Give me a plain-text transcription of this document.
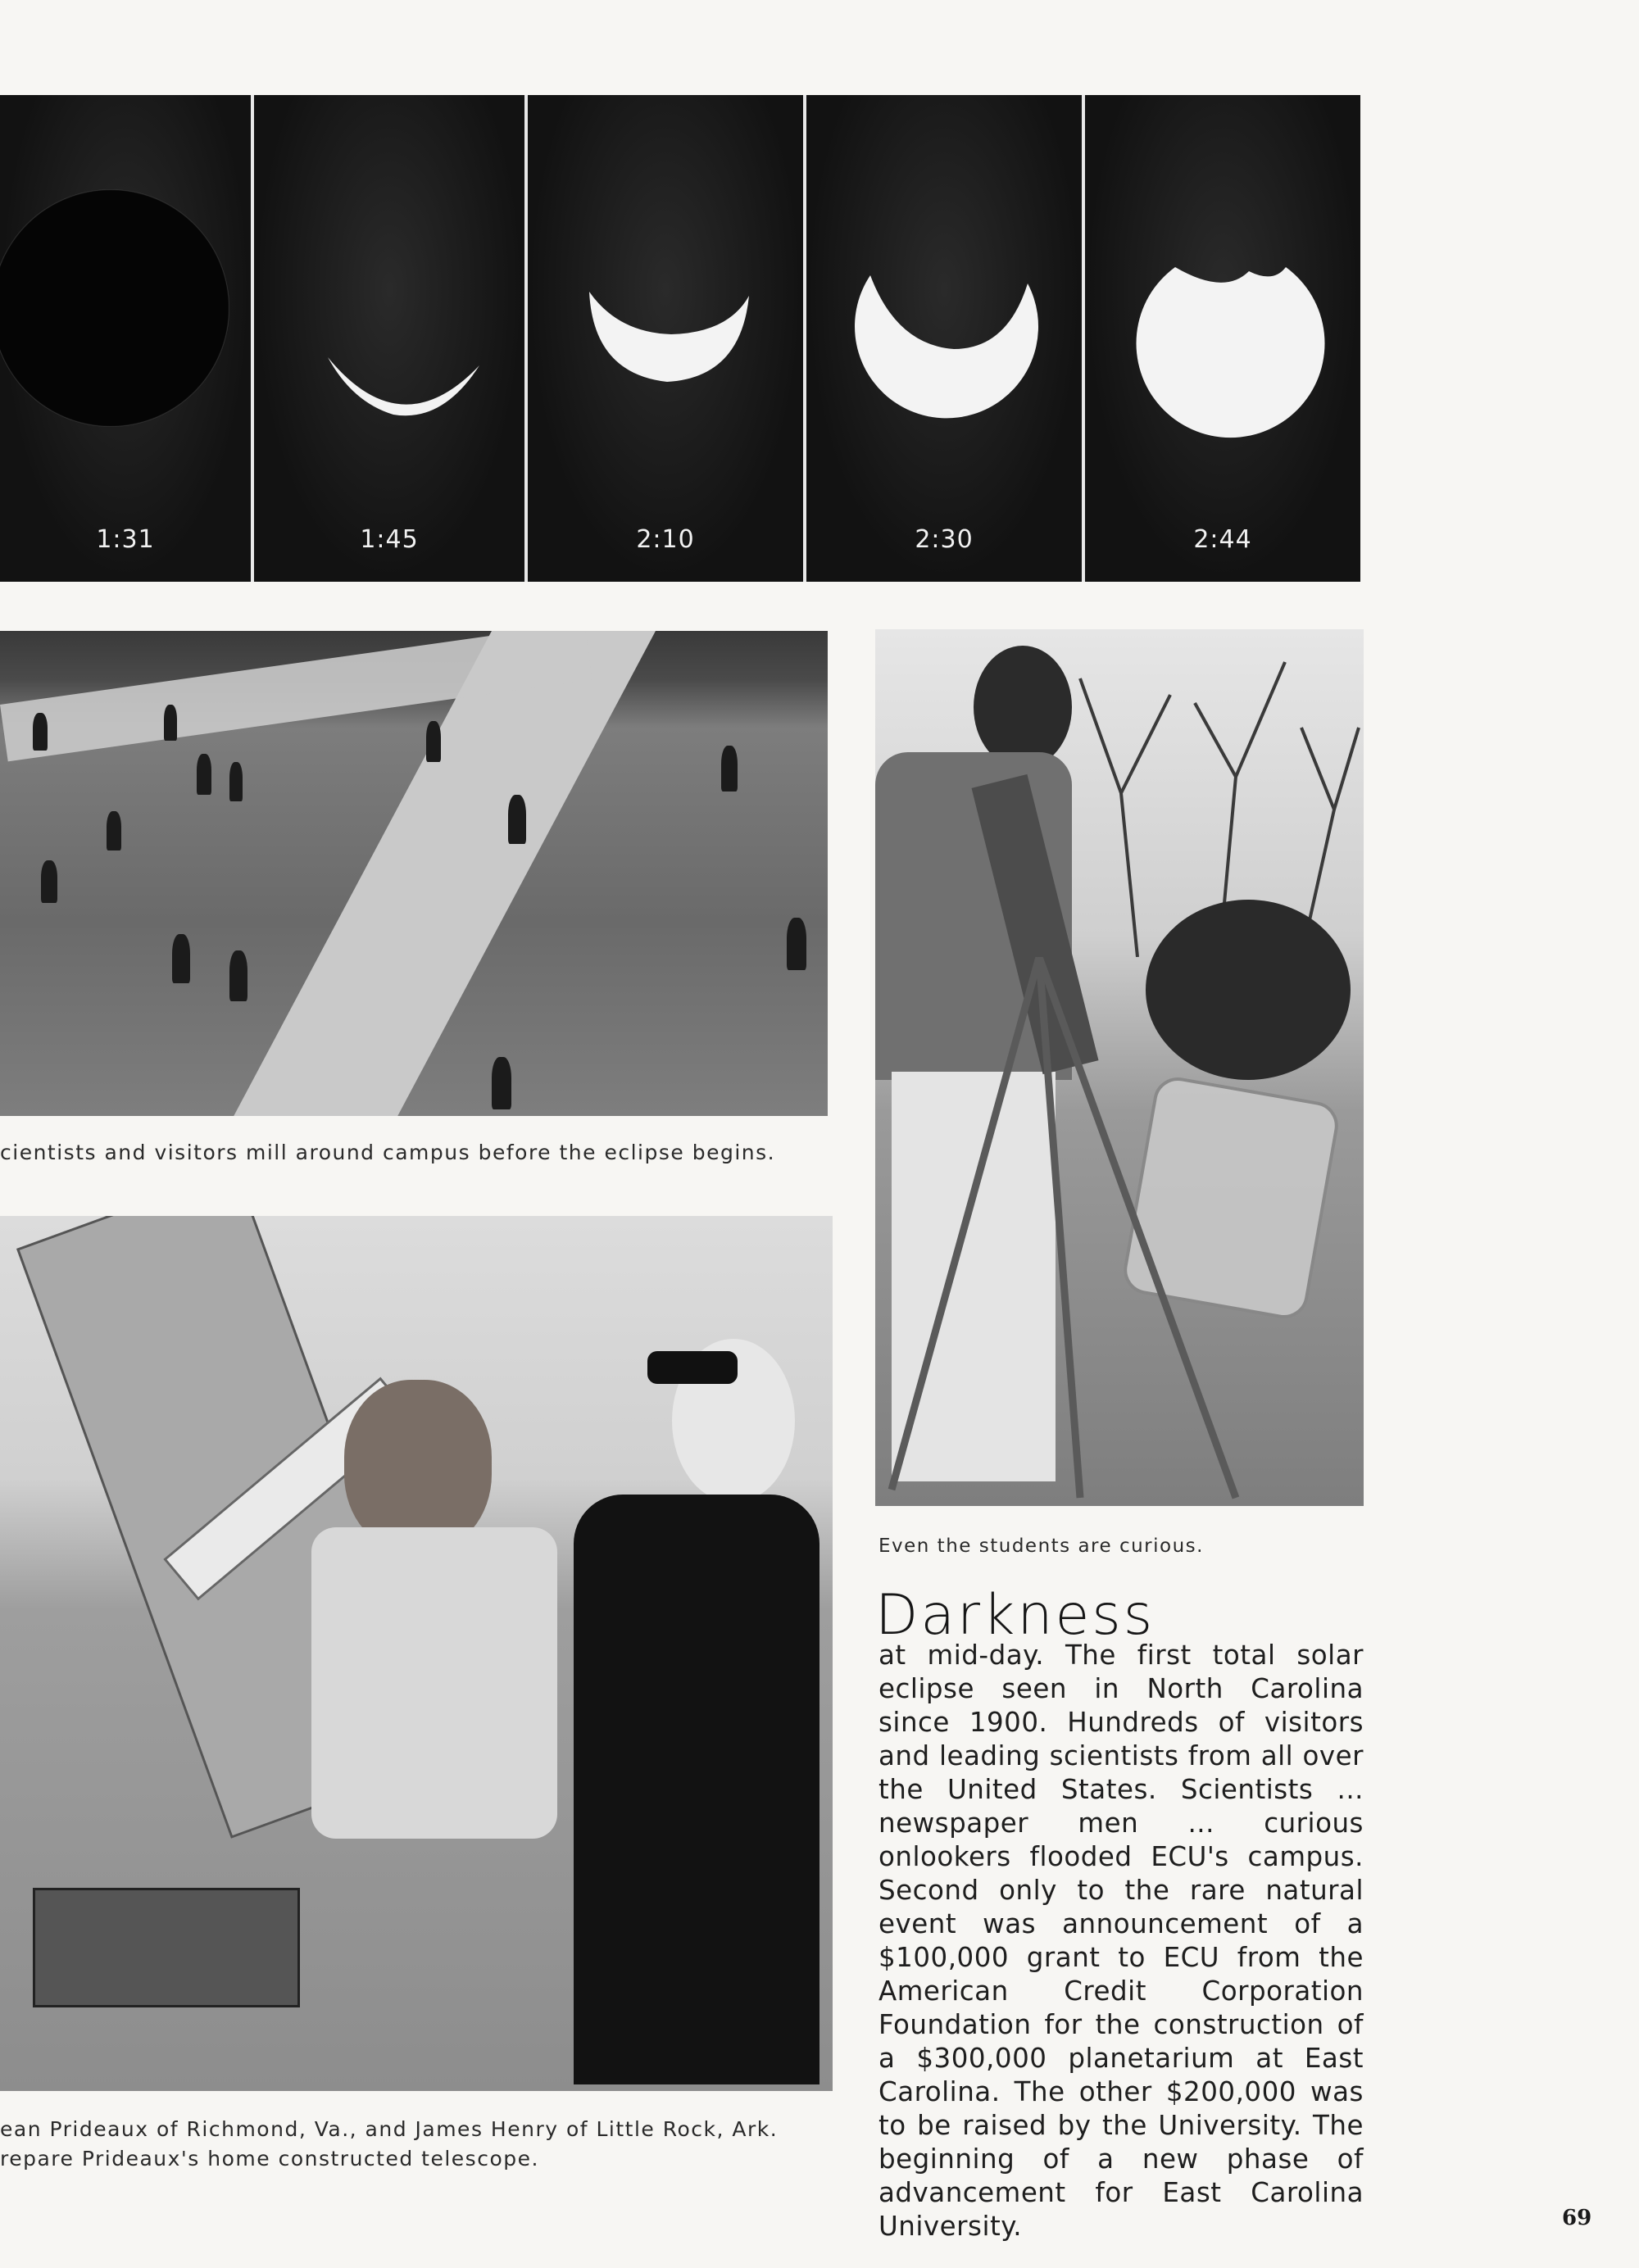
1:31	1:45	2:10	2:30	2:44
cientists and visitors mill around campus before the eclipse begins.
ean Prideaux of Richmond, Va., and James Henry of Little Rock, Ark.
repare Prideaux's home constructed telescope.
Even the students are curious.
Darkness
at mid-day. The first total solar eclipse seen in North Carolina since 1900. Hundreds of visitors and leading scientists from all over the United States. Scientists ... newspaper men ... curious onlookers flooded ECU's campus. Second only to the rare natural event was announcement of a $100,000 grant to ECU from the American Credit Corporation Foundation for the construction of a $300,000 planetarium at East Carolina. The other $200,000 was to be raised by the University. The beginning of a new phase of advancement for East Carolina University.	69
